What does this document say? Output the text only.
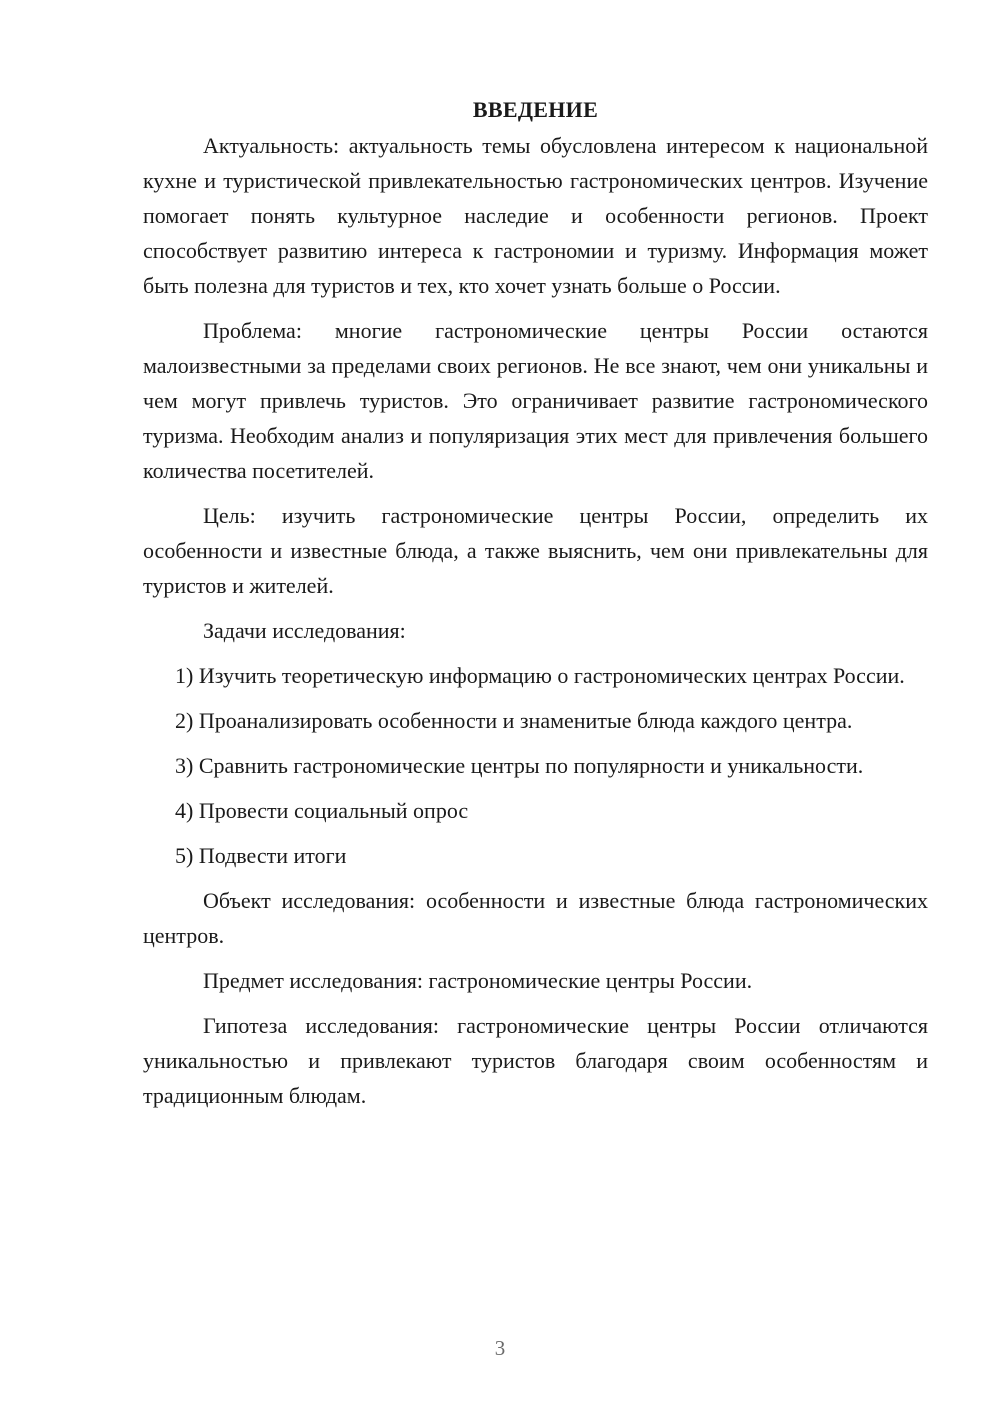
ВВЕДЕНИЕ

Актуальность: актуальность темы обусловлена интересом к национальной кухне и туристической привлекательностью гастрономических центров. Изучение помогает понять культурное наследие и особенности регионов. Проект способствует развитию интереса к гастрономии и туризму. Информация может быть полезна для туристов и тех, кто хочет узнать больше о России.

Проблема: многие гастрономические центры России остаются малоизвестными за пределами своих регионов. Не все знают, чем они уникальны и чем могут привлечь туристов. Это ограничивает развитие гастрономического туризма. Необходим анализ и популяризация этих мест для привлечения большего количества посетителей.

Цель: изучить гастрономические центры России, определить их особенности и известные блюда, а также выяснить, чем они привлекательны для туристов и жителей.

Задачи исследования:

1) Изучить теоретическую информацию о гастрономических центрах России.

2) Проанализировать особенности и знаменитые блюда каждого центра.

3) Сравнить гастрономические центры по популярности и уникальности.

4) Провести социальный опрос

5) Подвести итоги

Объект исследования: особенности и известные блюда гастрономических центров.

Предмет исследования: гастрономические центры России.

Гипотеза исследования: гастрономические центры России отличаются уникальностью и привлекают туристов благодаря своим особенностям и традиционным блюдам.

3
